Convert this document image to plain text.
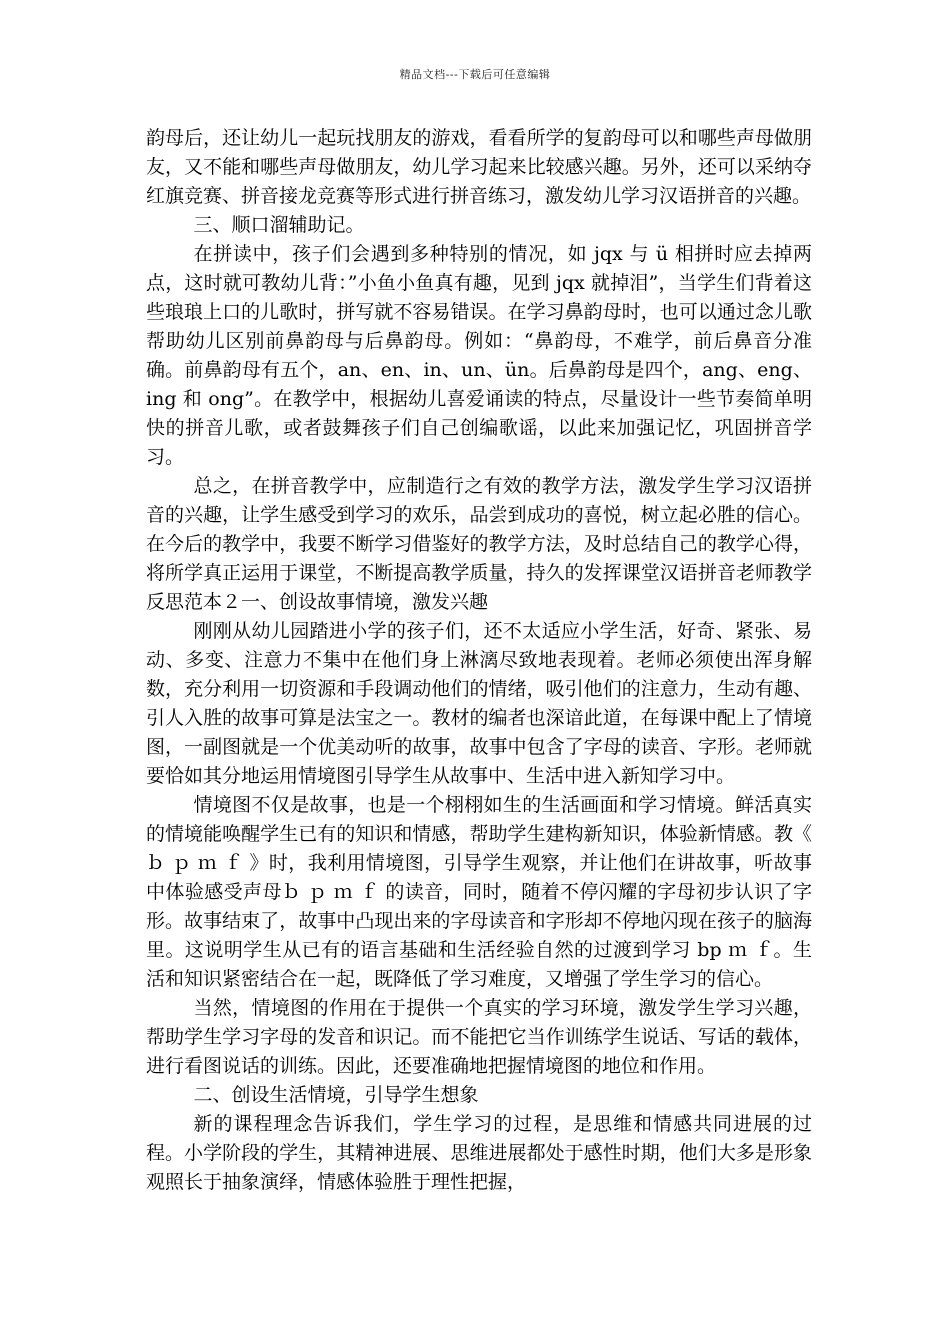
精品文档---下载后可任意编辑

韵母后，还让幼儿一起玩找朋友的游戏，看看所学的复韵母可以和哪些声母做朋友，又不能和哪些声母做朋友，幼儿学习起来比较感兴趣。另外，还可以采纳夺红旗竞赛、拼音接龙竞赛等形式进行拼音练习，激发幼儿学习汉语拼音的兴趣。

三、顺口溜辅助记。

在拼读中，孩子们会遇到多种特别的情况，如 jqx 与 ü 相拼时应去掉两点，这时就可教幼儿背：”小鱼小鱼真有趣，见到 jqx 就掉泪”，当学生们背着这些琅琅上口的儿歌时，拼写就不容易错误。在学习鼻韵母时，也可以通过念儿歌帮助幼儿区别前鼻韵母与后鼻韵母。例如：“鼻韵母，不难学，前后鼻音分准确。前鼻韵母有五个，an、en、in、un、ün。后鼻韵母是四个，ang、eng、ing 和 ong”。在教学中，根据幼儿喜爱诵读的特点，尽量设计一些节奏简单明快的拼音儿歌，或者鼓舞孩子们自己创编歌谣，以此来加强记忆，巩固拼音学习。

总之，在拼音教学中，应制造行之有效的教学方法，激发学生学习汉语拼音的兴趣，让学生感受到学习的欢乐，品尝到成功的喜悦，树立起必胜的信心。在今后的教学中，我要不断学习借鉴好的教学方法，及时总结自己的教学心得，将所学真正运用于课堂，不断提高教学质量，持久的发挥课堂汉语拼音老师教学反思范本２一、创设故事情境，激发兴趣

刚刚从幼儿园踏进小学的孩子们，还不太适应小学生活，好奇、紧张、易动、多变、注意力不集中在他们身上淋漓尽致地表现着。老师必须使出浑身解数，充分利用一切资源和手段调动他们的情绪，吸引他们的注意力，生动有趣、引人入胜的故事可算是法宝之一。教材的编者也深谙此道，在每课中配上了情境图，一副图就是一个优美动听的故事，故事中包含了字母的读音、字形。老师就要恰如其分地运用情境图引导学生从故事中、生活中进入新知学习中。

情境图不仅是故事，也是一个栩栩如生的生活画面和学习情境。鲜活真实的情境能唤醒学生已有的知识和情感，帮助学生建构新知识，体验新情感。教《 ｂ ｐ ｍ ｆ 》时，我利用情境图，引导学生观察，并让他们在讲故事，听故事中体验感受声母ｂ ｐ ｍ ｆ 的读音，同时，随着不停闪耀的字母初步认识了字形。故事结束了，故事中凸现出来的字母读音和字形却不停地闪现在孩子的脑海里。这说明学生从已有的语言基础和生活经验自然的过渡到学习 bp ｍ ｆ。生活和知识紧密结合在一起，既降低了学习难度，又增强了学生学习的信心。

当然，情境图的作用在于提供一个真实的学习环境，激发学生学习兴趣，帮助学生学习字母的发音和识记。而不能把它当作训练学生说话、写话的载体，进行看图说话的训练。因此，还要准确地把握情境图的地位和作用。

二、创设生活情境，引导学生想象

新的课程理念告诉我们，学生学习的过程，是思维和情感共同进展的过程。小学阶段的学生，其精神进展、思维进展都处于感性时期，他们大多是形象观照长于抽象演绎，情感体验胜于理性把握，
